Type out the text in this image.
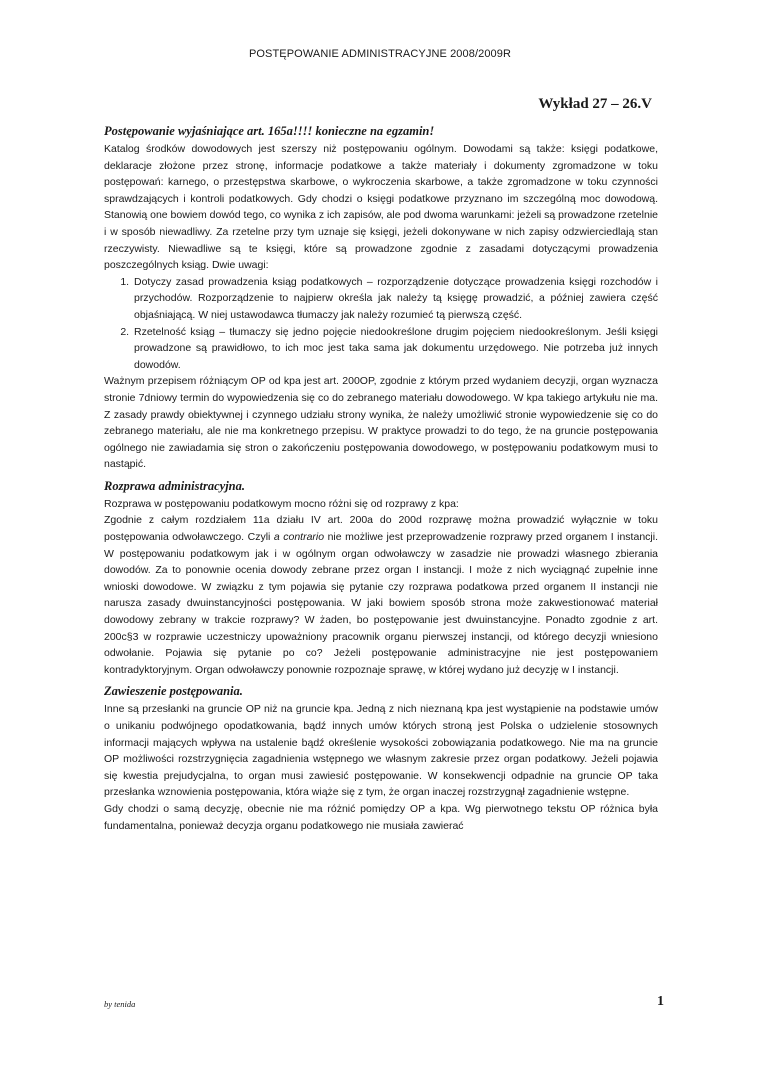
POSTĘPOWANIE ADMINISTRACYJNE 2008/2009R
Wykład 27 – 26.V
Postępowanie wyjaśniające art. 165a!!!! konieczne na egzamin!

Katalog środków dowodowych jest szerszy niż postępowaniu ogólnym. Dowodami są także: księgi podatkowe, deklaracje złożone przez stronę, informacje podatkowe a także materiały i dokumenty zgromadzone w toku postępowań: karnego, o przestępstwa skarbowe, o wykroczenia skarbowe, a także zgromadzone w toku czynności sprawdzających i kontroli podatkowych. Gdy chodzi o księgi podatkowe przyznano im szczególną moc dowodową. Stanowią one bowiem dowód tego, co wynika z ich zapisów, ale pod dwoma warunkami: jeżeli są prowadzone rzetelnie i w sposób niewadliwy. Za rzetelne przy tym uznaje się księgi, jeżeli dokonywane w nich zapisy odzwierciedlają stan rzeczywisty. Niewadliwe są te księgi, które są prowadzone zgodnie z zasadami dotyczącymi prowadzenia poszczególnych ksiąg. Dwie uwagi:

1. Dotyczy zasad prowadzenia ksiąg podatkowych – rozporządzenie dotyczące prowadzenia księgi rozchodów i przychodów. Rozporządzenie to najpierw określa jak należy tą księgę prowadzić, a później zawiera część objaśniającą. W niej ustawodawca tłumaczy jak należy rozumieć tą pierwszą część.
2. Rzetelność ksiąg – tłumaczy się jedno pojęcie niedookreślone drugim pojęciem niedookreślonym. Jeśli księgi prowadzone są prawidłowo, to ich moc jest taka sama jak dokumentu urzędowego. Nie potrzeba już innych dowodów.

Ważnym przepisem różniącym OP od kpa jest art. 200OP, zgodnie z którym przed wydaniem decyzji, organ wyznacza stronie 7dniowy termin do wypowiedzenia się co do zebranego materiału dowodowego. W kpa takiego artykułu nie ma. Z zasady prawdy obiektywnej i czynnego udziału strony wynika, że należy umożliwić stronie wypowiedzenie się co do zebranego materiału, ale nie ma konkretnego przepisu. W praktyce prowadzi to do tego, że na gruncie postępowania ogólnego nie zawiadamia się stron o zakończeniu postępowania dowodowego, w postępowaniu podatkowym musi to nastąpić.

Rozprawa administracyjna.

Rozprawa w postępowaniu podatkowym mocno różni się od rozprawy z kpa:

Zgodnie z całym rozdziałem 11a działu IV art. 200a do 200d rozprawę można prowadzić wyłącznie w toku postępowania odwoławczego. Czyli a contrario nie możliwe jest przeprowadzenie rozprawy przed organem I instancji. W postępowaniu podatkowym jak i w ogólnym organ odwoławczy w zasadzie nie prowadzi własnego zbierania dowodów. Za to ponownie ocenia dowody zebrane przez organ I instancji. I może z nich wyciągnąć zupełnie inne wnioski dowodowe. W związku z tym pojawia się pytanie czy rozprawa podatkowa przed organem II instancji nie narusza zasady dwuinstancyjności postępowania. W jaki bowiem sposób strona może zakwestionować materiał dowodowy zebrany w trakcie rozprawy? W żaden, bo postępowanie jest dwuinstancyjne. Ponadto zgodnie z art. 200c§3 w rozprawie uczestniczy upoważniony pracownik organu pierwszej instancji, od którego decyzji wniesiono odwołanie. Pojawia się pytanie po co? Jeżeli postępowanie administracyjne nie jest postępowaniem kontradyktoryjnym. Organ odwoławczy ponownie rozpoznaje sprawę, w której wydano już decyzję w I instancji.

Zawieszenie postępowania.

Inne są przesłanki na gruncie OP niż na gruncie kpa. Jedną z nich nieznaną kpa jest wystąpienie na podstawie umów o unikaniu podwójnego opodatkowania, bądź innych umów których stroną jest Polska o udzielenie stosownych informacji mających wpływa na ustalenie bądź określenie wysokości zobowiązania podatkowego. Nie ma na gruncie OP możliwości rozstrzygnięcia zagadnienia wstępnego we własnym zakresie przez organ podatkowy. Jeżeli pojawia się kwestia prejudycjalna, to organ musi zawiesić postępowanie. W konsekwencji odpadnie na gruncie OP taka przesłanka wznowienia postępowania, która wiąże się z tym, że organ inaczej rozstrzygnął zagadnienie wstępne.

Gdy chodzi o samą decyzję, obecnie nie ma różnić pomiędzy OP a kpa. Wg pierwotnego tekstu OP różnica była fundamentalna, ponieważ decyzja organu podatkowego nie musiała zawierać

by tenida	1
